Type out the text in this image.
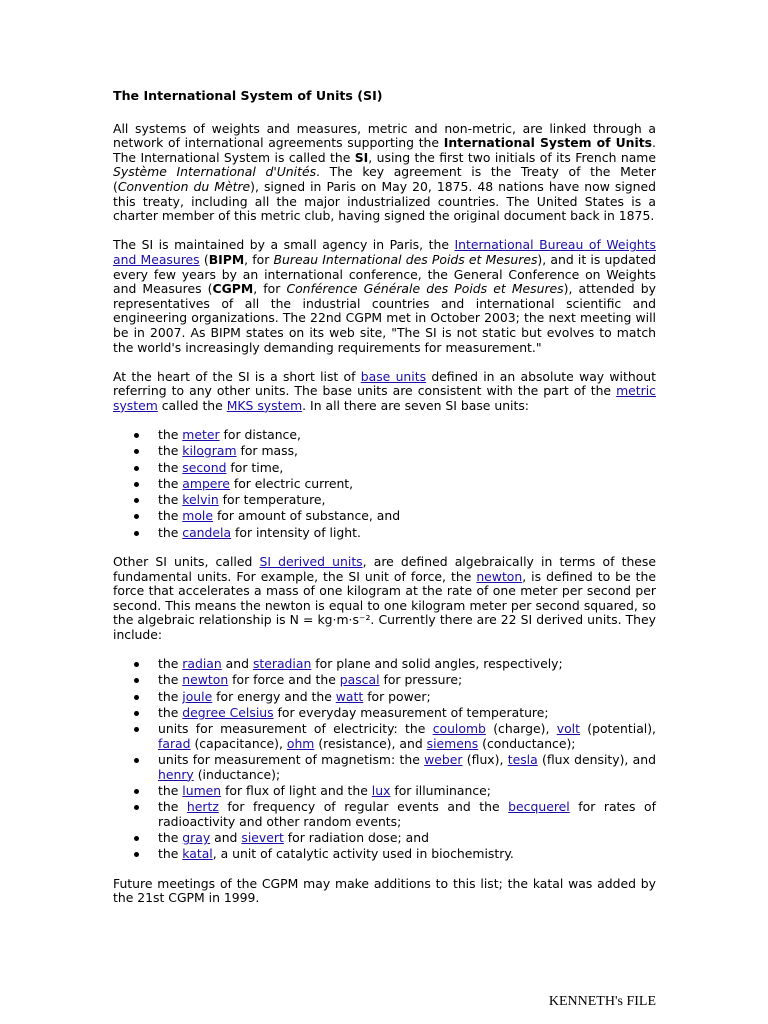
The International System of Units (SI)

All systems of weights and measures, metric and non-metric, are linked through a network of international agreements supporting the International System of Units. The International System is called the SI, using the first two initials of its French name Système International d'Unités. The key agreement is the Treaty of the Meter (Convention du Mètre), signed in Paris on May 20, 1875. 48 nations have now signed this treaty, including all the major industrialized countries. The United States is a charter member of this metric club, having signed the original document back in 1875.

The SI is maintained by a small agency in Paris, the International Bureau of Weights and Measures (BIPM, for Bureau International des Poids et Mesures), and it is updated every few years by an international conference, the General Conference on Weights and Measures (CGPM, for Conférence Générale des Poids et Mesures), attended by representatives of all the industrial countries and international scientific and engineering organizations. The 22nd CGPM met in October 2003; the next meeting will be in 2007. As BIPM states on its web site, "The SI is not static but evolves to match the world's increasingly demanding requirements for measurement."

At the heart of the SI is a short list of base units defined in an absolute way without referring to any other units. The base units are consistent with the part of the metric system called the MKS system. In all there are seven SI base units:

the meter for distance,
the kilogram for mass,
the second for time,
the ampere for electric current,
the kelvin for temperature,
the mole for amount of substance, and
the candela for intensity of light.

Other SI units, called SI derived units, are defined algebraically in terms of these fundamental units. For example, the SI unit of force, the newton, is defined to be the force that accelerates a mass of one kilogram at the rate of one meter per second per second. This means the newton is equal to one kilogram meter per second squared, so the algebraic relationship is N = kg·m·s⁻². Currently there are 22 SI derived units. They include:

the radian and steradian for plane and solid angles, respectively;
the newton for force and the pascal for pressure;
the joule for energy and the watt for power;
the degree Celsius for everyday measurement of temperature;
units for measurement of electricity: the coulomb (charge), volt (potential), farad (capacitance), ohm (resistance), and siemens (conductance);
units for measurement of magnetism: the weber (flux), tesla (flux density), and henry (inductance);
the lumen for flux of light and the lux for illuminance;
the hertz for frequency of regular events and the becquerel for rates of radioactivity and other random events;
the gray and sievert for radiation dose; and
the katal, a unit of catalytic activity used in biochemistry.

Future meetings of the CGPM may make additions to this list; the katal was added by the 21st CGPM in 1999.

KENNETH's FILE
